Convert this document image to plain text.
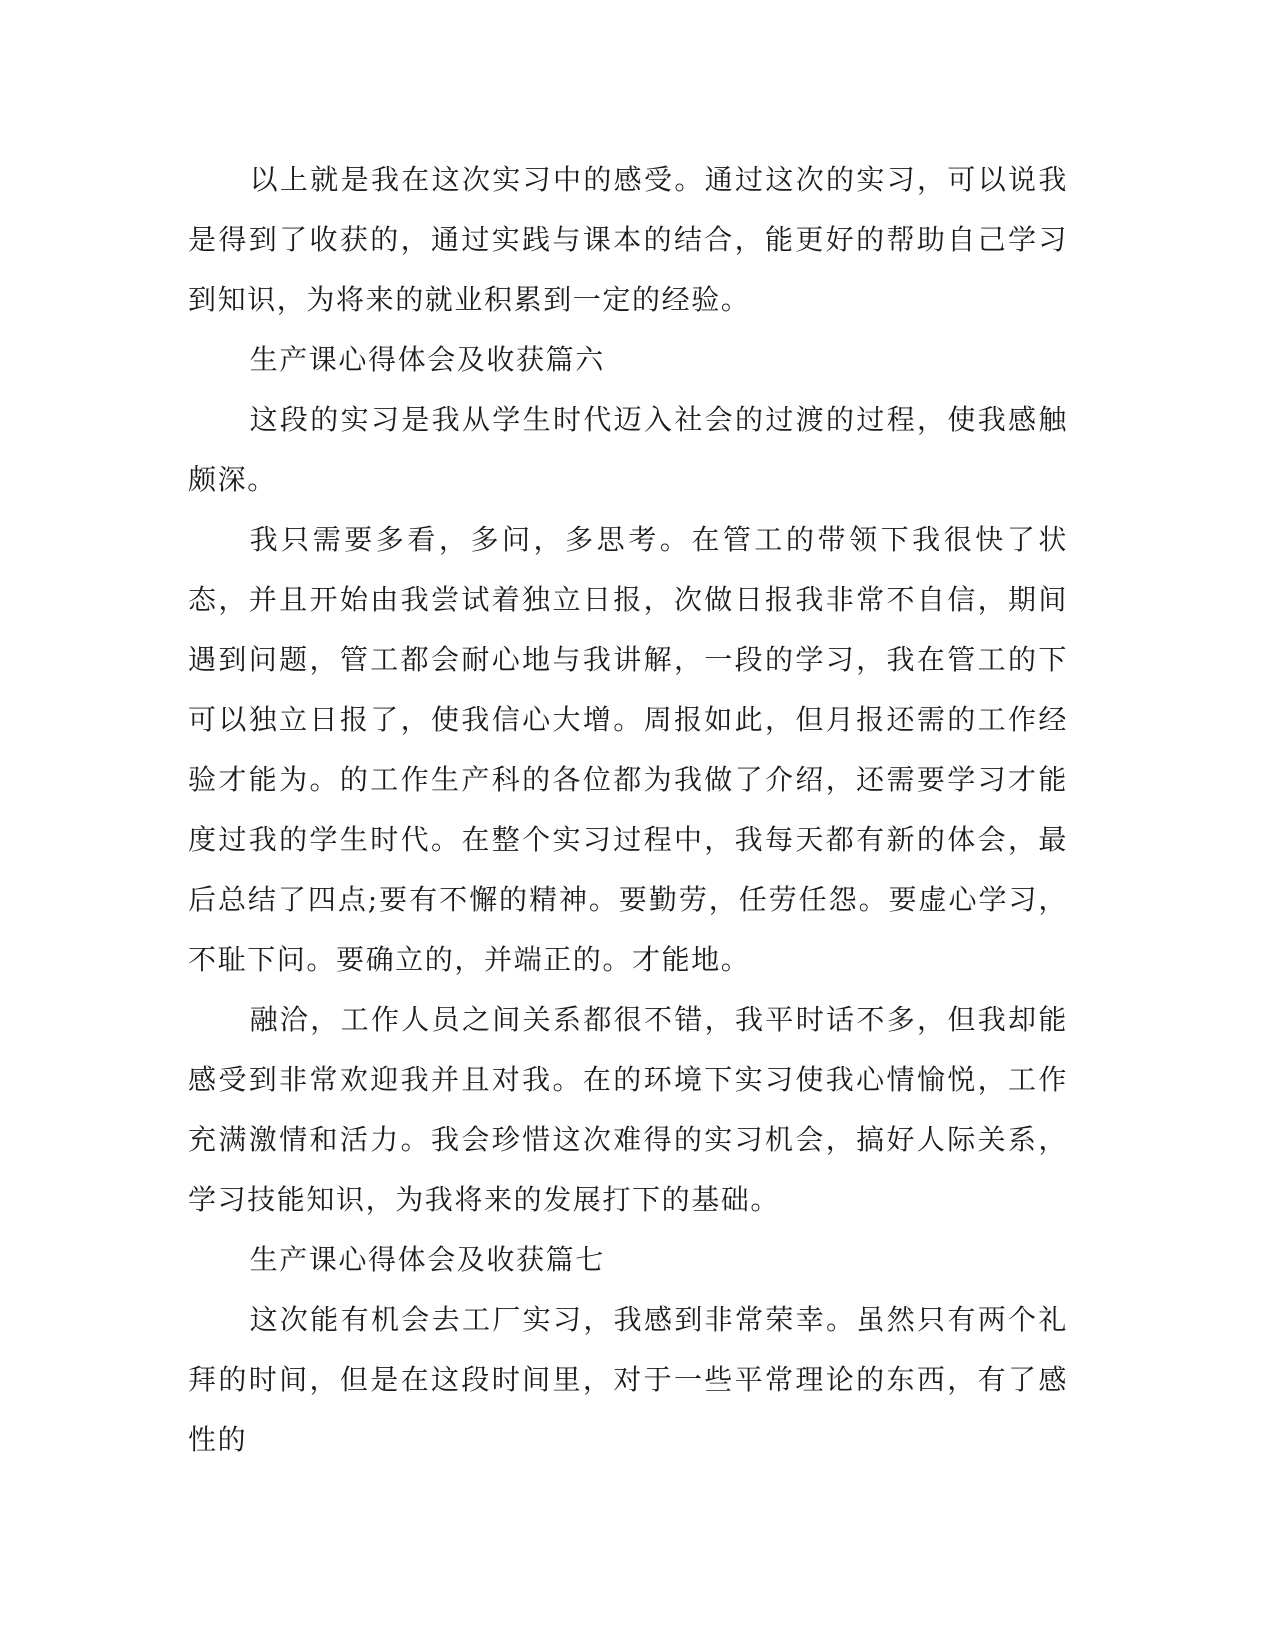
以上就是我在这次实习中的感受。通过这次的实习，可以说我是得到了收获的，通过实践与课本的结合，能更好的帮助自己学习到知识，为将来的就业积累到一定的经验。

生产课心得体会及收获篇六

这段的实习是我从学生时代迈入社会的过渡的过程，使我感触颇深。

我只需要多看，多问，多思考。在管工的带领下我很快了状态，并且开始由我尝试着独立日报，次做日报我非常不自信，期间遇到问题，管工都会耐心地与我讲解，一段的学习，我在管工的下可以独立日报了，使我信心大增。周报如此，但月报还需的工作经验才能为。的工作生产科的各位都为我做了介绍，还需要学习才能度过我的学生时代。在整个实习过程中，我每天都有新的体会，最后总结了四点;要有不懈的精神。要勤劳，任劳任怨。要虚心学习，不耻下问。要确立的，并端正的。才能地。

融洽，工作人员之间关系都很不错，我平时话不多，但我却能感受到非常欢迎我并且对我。在的环境下实习使我心情愉悦，工作充满激情和活力。我会珍惜这次难得的实习机会，搞好人际关系，学习技能知识，为我将来的发展打下的基础。

生产课心得体会及收获篇七

这次能有机会去工厂实习，我感到非常荣幸。虽然只有两个礼拜的时间，但是在这段时间里，对于一些平常理论的东西，有了感性的
